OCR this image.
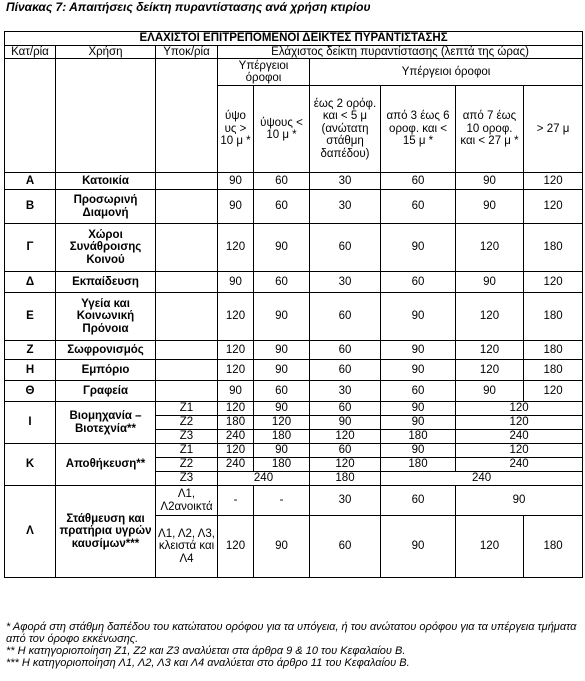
Πίνακας 7: Απαιτήσεις δείκτη πυραντίστασης ανά χρήση κτιρίου
ΕΛΑΧΙΣΤΟΙ ΕΠΙΤΡΕΠΟΜΕΝΟΙ ΔΕΙΚΤΕΣ ΠΥΡΑΝΤΙΣΤΑΣΗΣ								
Κατ/ρία	Χρήση	Υποκ/ρία	Ελάχιστος δείκτη πυραντίστασης (λεπτά της ώρας)					
			Υπέργειοι όροφοι		Υπέργειοι όροφοι			
			ύψο υς > 10 μ *	ύψους < 10 μ *	έως 2 ορόφ. και < 5 μ (ανώτατη στάθμη δαπέδου)	από 3 έως 6 οροφ. και < 15 μ *	από 7 έως 10 οροφ. και < 27 μ *	> 27 μ
Α	Κατοικία		90	60	30	60	90	120
Β	Προσωρινή Διαμονή		90	60	30	60	90	120
Γ	Χώροι Συνάθροισης Κοινού		120	90	60	90	120	180
Δ	Εκπαίδευση		90	60	30	60	90	120
Ε	Υγεία και Κοινωνική Πρόνοια		120	90	60	90	120	180
Ζ	Σωφρονισμός		120	90	60	90	120	180
Η	Εμπόριο		120	90	60	90	120	180
Θ	Γραφεία		90	60	30	60	90	120
Ι	Βιομηχανία – Βιοτεχνία**	Ζ1	120	90	60	90	120	
		Ζ2	180	120	90	90	120	
		Ζ3	240	180	120	180	240	
Κ	Αποθήκευση**	Ζ1	120	90	60	90	120	
		Ζ2	240	180	120	180	240	
		Ζ3	240		180	240		
Λ	Στάθμευση και πρατήρια υγρών καυσίμων***	Λ1, Λ2ανοικτά	-	-	30	60	90	
		Λ1, Λ2, Λ3, κλειστά και Λ4	120	90	60	90	120	180
* Αφορά στη στάθμη δαπέδου του κατώτατου ορόφου για τα υπόγεια, ή του ανώτατου ορόφου για τα υπέργεια τμήματα από τον όροφο εκκένωσης.
** Η κατηγοριοποίηση Ζ1, Ζ2 και Ζ3 αναλύεται στα άρθρα 9 & 10 του Κεφαλαίου Β.
*** Η κατηγοριοποίηση Λ1, Λ2, Λ3 και Λ4 αναλύεται στο άρθρο 11 του Κεφαλαίου Β.
